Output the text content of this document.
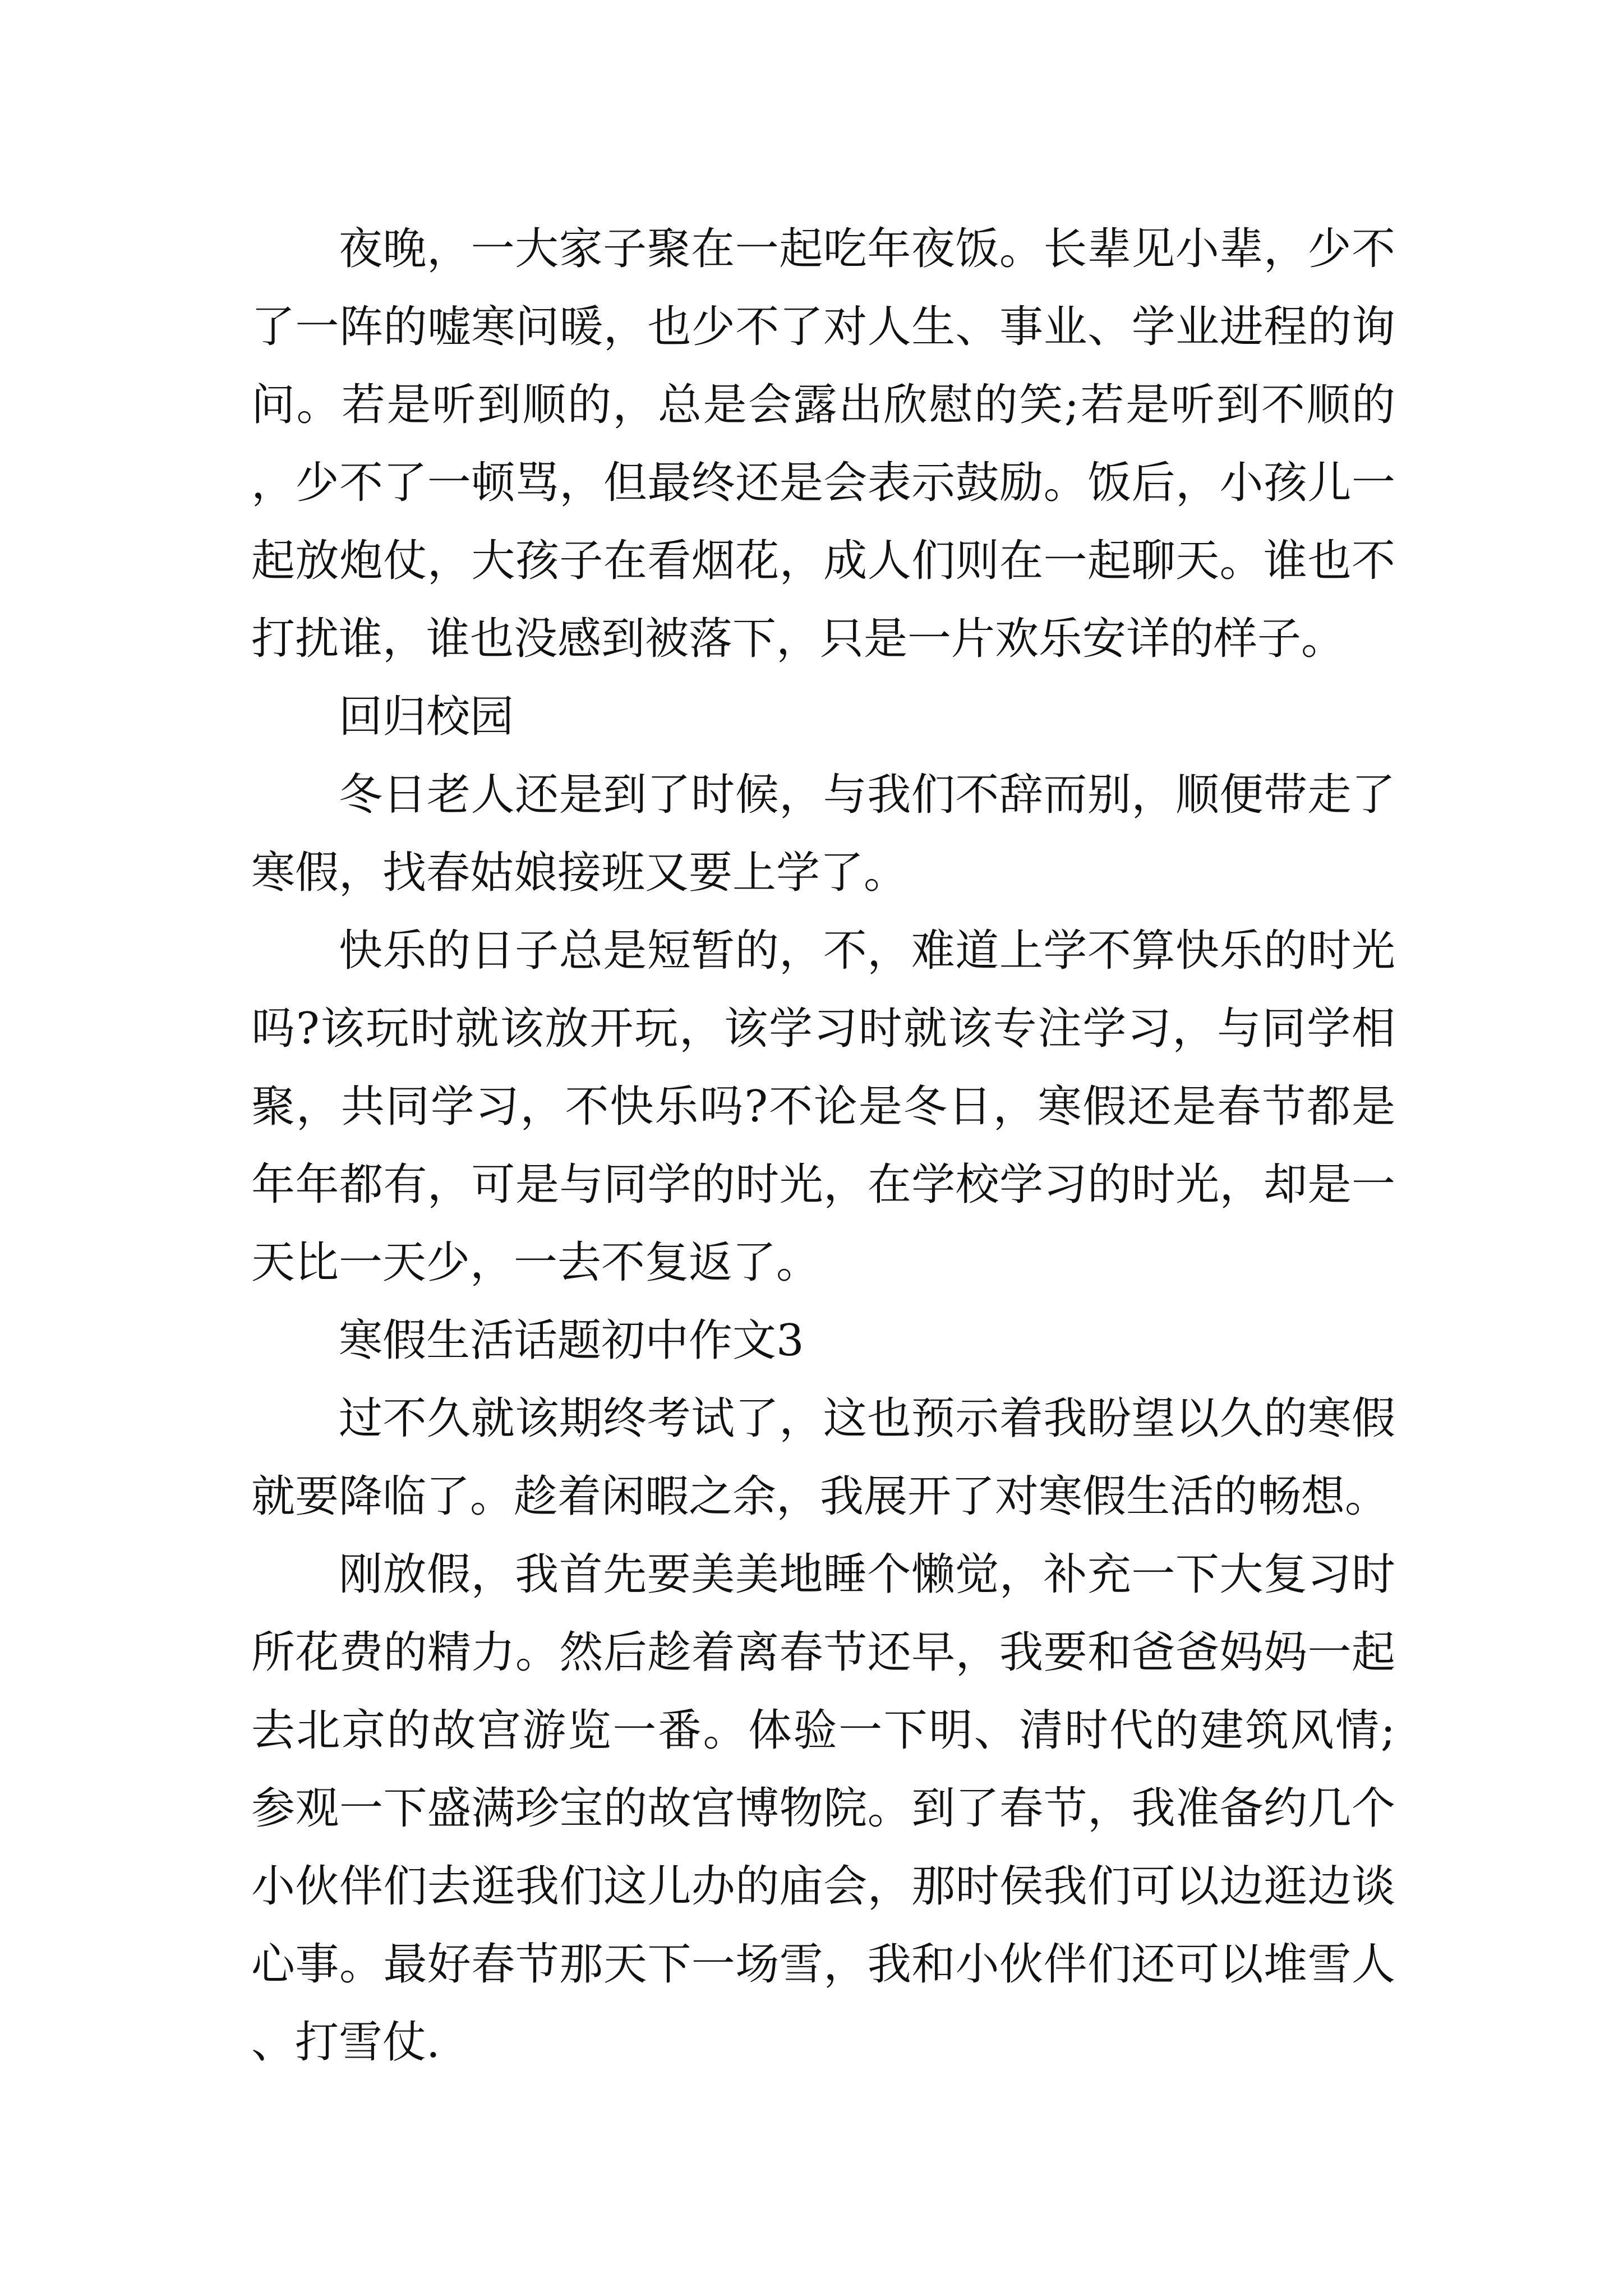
夜晚，一大家子聚在一起吃年夜饭。长辈见小辈，少不了一阵的嘘寒问暖，也少不了对人生、事业、学业进程的询问。若是听到顺的，总是会露出欣慰的笑;若是听到不顺的，少不了一顿骂，但最终还是会表示鼓励。饭后，小孩儿一起放炮仗，大孩子在看烟花，成人们则在一起聊天。谁也不打扰谁，谁也没感到被落下，只是一片欢乐安详的样子。

回归校园

冬日老人还是到了时候，与我们不辞而别，顺便带走了寒假，找春姑娘接班又要上学了。

快乐的日子总是短暂的，不，难道上学不算快乐的时光吗?该玩时就该放开玩，该学习时就该专注学习，与同学相聚，共同学习，不快乐吗?不论是冬日，寒假还是春节都是年年都有，可是与同学的时光，在学校学习的时光，却是一天比一天少，一去不复返了。

寒假生活话题初中作文3

过不久就该期终考试了，这也预示着我盼望以久的寒假就要降临了。趁着闲暇之余，我展开了对寒假生活的畅想。

刚放假，我首先要美美地睡个懒觉，补充一下大复习时所花费的精力。然后趁着离春节还早，我要和爸爸妈妈一起去北京的故宫游览一番。体验一下明、清时代的建筑风情;参观一下盛满珍宝的故宫博物院。到了春节，我准备约几个小伙伴们去逛我们这儿办的庙会，那时侯我们可以边逛边谈心事。最好春节那天下一场雪，我和小伙伴们还可以堆雪人、打雪仗.
